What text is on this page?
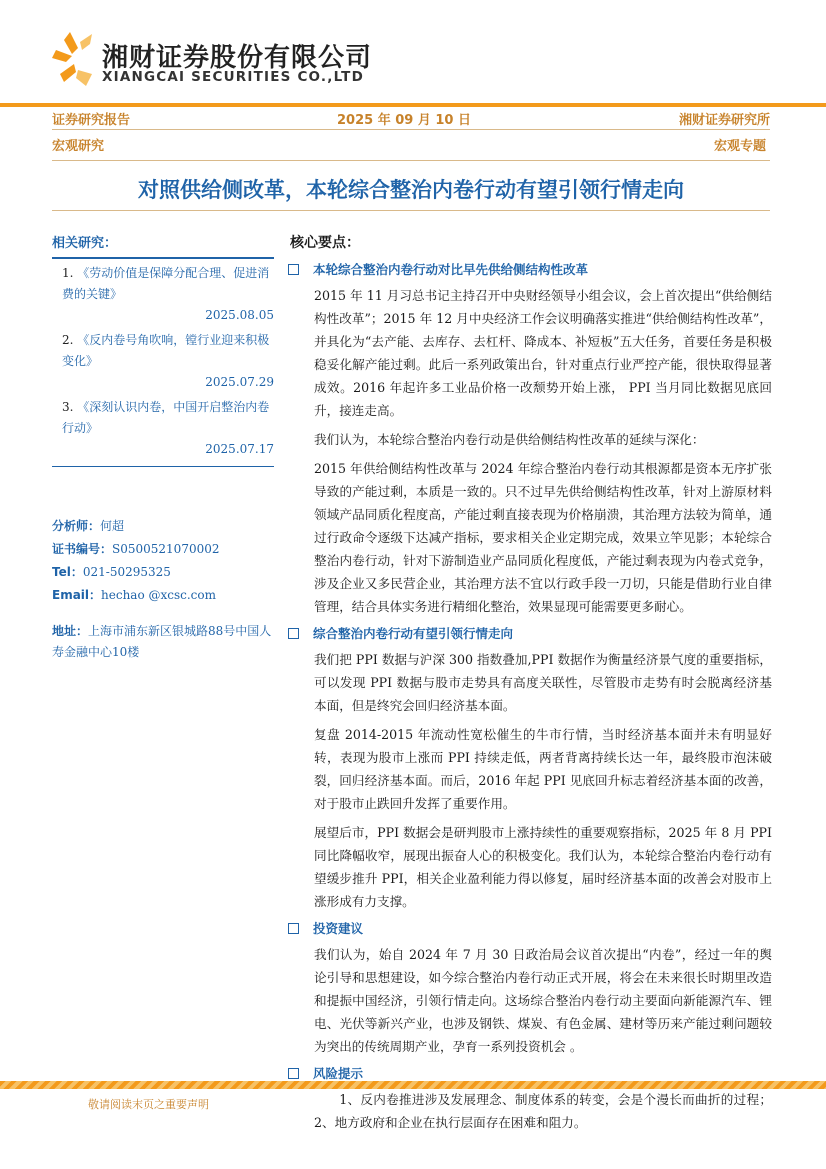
湘财证券股份有限公司
XIANGCAI SECURITIES CO.,LTD
证券研究报告	2025 年 09 月 10 日	湘财证券研究所
宏观研究	宏观专题
对照供给侧改革，本轮综合整治内卷行动有望引领行情走向
相关研究：
1. 《劳动价值是保障分配合理、促进消费的关键》
2025.08.05
2. 《反内卷号角吹响，镗行业迎来积极变化》
2025.07.29
3. 《深刻认识内卷，中国开启整治内卷行动》
2025.07.17
分析师：何超
证书编号：S0500521070002
Tel：021-50295325
Email：hechao @xcsc.com
地址：上海市浦东新区银城路88号中国人寿金融中心10楼
核心要点：
本轮综合整治内卷行动对比早先供给侧结构性改革

2015 年 11 月习总书记主持召开中央财经领导小组会议，会上首次提出“供给侧结构性改革”；2015 年 12 月中央经济工作会议明确落实推进“供给侧结构性改革”，并具化为“去产能、去库存、去杠杆、降成本、补短板”五大任务，首要任务是积极稳妥化解产能过剩。此后一系列政策出台，针对重点行业严控产能，很快取得显著成效。2016 年起许多工业品价格一改颓势开始上涨， PPI 当月同比数据见底回升，接连走高。

我们认为，本轮综合整治内卷行动是供给侧结构性改革的延续与深化：

2015 年供给侧结构性改革与 2024 年综合整治内卷行动其根源都是资本无序扩张导致的产能过剩，本质是一致的。只不过早先供给侧结构性改革，针对上游原材料领域产品同质化程度高，产能过剩直接表现为价格崩溃，其治理方法较为简单，通过行政命令逐级下达减产指标，要求相关企业定期完成，效果立竿见影；本轮综合整治内卷行动，针对下游制造业产品同质化程度低，产能过剩表现为内卷式竞争，涉及企业又多民营企业，其治理方法不宜以行政手段一刀切，只能是借助行业自律管理，结合具体实务进行精细化整治，效果显现可能需要更多耐心。

综合整治内卷行动有望引领行情走向

我们把 PPI 数据与沪深 300 指数叠加,PPI 数据作为衡量经济景气度的重要指标，可以发现 PPI 数据与股市走势具有高度关联性，尽管股市走势有时会脱离经济基本面，但是终究会回归经济基本面。

复盘 2014-2015 年流动性宽松催生的牛市行情，当时经济基本面并未有明显好转，表现为股市上涨而 PPI 持续走低，两者背离持续长达一年，最终股市泡沫破裂，回归经济基本面。而后，2016 年起 PPI 见底回升标志着经济基本面的改善，对于股市止跌回升发挥了重要作用。

展望后市，PPI 数据会是研判股市上涨持续性的重要观察指标，2025 年 8 月 PPI 同比降幅收窄，展现出振奋人心的积极变化。我们认为，本轮综合整治内卷行动有望缓步推升 PPI，相关企业盈利能力得以修复，届时经济基本面的改善会对股市上涨形成有力支撑。

投资建议

我们认为，始自 2024 年 7 月 30 日政治局会议首次提出“内卷”，经过一年的舆论引导和思想建设，如今综合整治内卷行动正式开展，将会在未来很长时期里改造和提振中国经济，引领行情走向。这场综合整治内卷行动主要面向新能源汽车、锂电、光伏等新兴产业，也涉及钢铁、煤炭、有色金属、建材等历来产能过剩问题较为突出的传统周期产业，孕育一系列投资机会 。

风险提示

1、反内卷推进涉及发展理念、制度体系的转变，会是个漫长而曲折的过程；2、地方政府和企业在执行层面存在困难和阻力。

敬请阅读末页之重要声明
